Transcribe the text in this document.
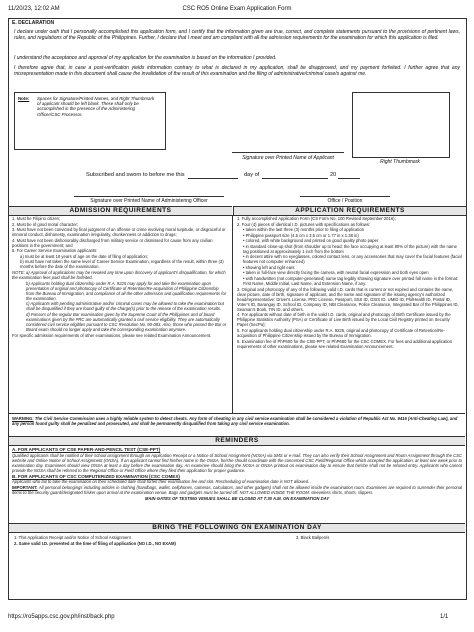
11/20/23, 12:02 AM	CSC RO5 Online Exam Application Form
E. DECLARATION
I declare under oath that I personally accomplished this application form, and I certify that the information given are true, correct, and complete statements pursuant to the provisions of pertinent laws, rules, and regulations of the Republic of the Philippines. Further, I declare that I meet and am compliant with all the admission requirements for the examination for which this application is filed.
I understand the acceptance and approval of my application for the examination is based on the information I provided.
I therefore agree that, in case a post-verification yields information contrary to what is declared in my application, shall be disapproved, and my payment forfeited. I further agree that any misrepresentation made in this document shall cause the invalidation of the result of this examination and the filing of administrative/criminal case/s against me.
Note: Spaces for Signature/Printed Names, and Right Thumbmark of applicant should be left blank. These shall only be accomplished in the presence of the Administering Officer/CSC Processor.
Signature over Printed Name of Applicant
Right Thumbmark
Subscribed and sworn to before me this	day of	20
Signature over Printed Name of Administering Officer	Office / Position
ADMISSION REQUIREMENTS	APPLICATION REQUIREMENTS

1. Must be Filipino citizen;

2. Must be of good moral character;

3. Must have not been convicted by final judgment of an offense or crime involving moral turpitude, or disgraceful or immoral conduct, dishonesty, examination irregularity, drunkenness or addiction to drugs;

4. Must have not been dishonorably discharged from military service or dismissed for cause from any civilian positions in the government; and

5. For Career Service Examination applicants:

a) must be at least 18 years of age on the date of filing of application;

b) must have not taken the same level of Career Service Examination, regardless of the result, within three (3) months before the date of the examination.

NOTE: a) Approval of applications may be revoked any time upon discovery of applicant's disqualification, for which the examination fees paid shall be forfeited.

b) Applicants holding dual citizenship under R.A. 9225 may apply for and take the examination upon presentation of original and photocopy of Certificate of Retention/Re-acquisition of Philippine Citizenship from the Bureau of Immigration, and compliance of all the other admission and qualification requirements for the examination.

c) Applicants with pending administrative and/or criminal cases may be allowed to take the examination but shall be disqualified if they are found guilty of the charge(s) prior to the release of the examination results.

d) Passers of the regular Bar examination given by the Supreme Court of the Philippines and of board examinations given by the PRC are automatically granted a civil service eligibility. They are automatically considered civil service eligibles pursuant to CSC Resolution No. 90-083. Also, those who passed the Bar or Board exam should no longer apply and take the corresponding examination anymore.

For specific admission requirements of other examinations, please see related Examination Announcement.

1. Fully accomplished Application Form (CS Form No. 100 Revised September 2016);

2. Four (4) pieces of identical I.D. pictures with specifications as follows:

• taken within the last three (3) months prior to filing of application

• Philippine passport size (4.5 cm x 3.5 cm or 1.77 in x 1.38 in)

• colored, with white background and printed on good quality photo paper

• in standard close-up shot (from shoulder up to head; the face occupying at least 80% of the picture) with the name tag positioned at approximately 1 inch from the bottom

• in decent attire with no eyeglasses, colored contact lens, or any accessories that may cover the facial features (facial features not computer enhanced)

• showing left and right ears

• taken in full-face view directly facing the camera, with neutral facial expression and both eyes open

• with handwritten (not computer-generated) name tag legibly showing signature over printed full name in the format: First Name, Middle Initial, Last Name, and Extension Name, if any.

3. Original and photocopy of any of the following valid I.D. cards that is current or not expired and contains the name, clear picture, date of birth, signature of applicant, and the name and signature of the issuing agency's authorized head/representative: Driver's License, PRC License, Passport, SSS ID, GSIS ID, UMID ID, PhilHealth ID, Postal ID, Voter's ID, Barangay ID, School ID, Company ID, NBI Clearance, Police Clearance, Integrated Bar of the Philippines ID, Seaman's Book, TIN ID, and others.

4. For applicants without date of birth in the valid I.D. cards, original and photocopy of Birth Certificate issued by the Philippine Statistics Authority (PSA) or Certificate of Live Birth issued by the Local Civil Registry printed on Security Paper (SecPa);

5. For applicants holding dual citizenship under R.A. 9225, original and photocopy of Certificate of Retention/Re-acquisition of Philippine Citizenship issued by the Bureau of Immigration.

6. Examination fee of PhP500 for the CSE-PPT, or PhP680 for the CSC COMEX. For fees and additional application requirements of other examinations, please see related Examination Announcement.

WARNING: The Civil Service Commission uses a highly reliable system to detect cheats. Any form of cheating in any civil service examination shall be considered a violation of Republic Act No. 9416 (Anti-Cheating Law), and any person found guilty shall be penalized and prosecuted, and shall be permanently disqualified from taking any civil service examination.
REMINDERS

A. FOR APPLICANTS OF CSE PAPER-AND-PENCIL TEST (CSE-PPT)

Qualified applicants shall be notified of their school assignment through an Application Receipt or a Notice of School Assignment (NOSA) via SMS or e-mail. They can also verify their School Assignment and Room Assignment through the CSC website and Online Notice of School Assignment (ONSA). If an applicant cannot find his/her name in the ONSA, he/she should coordinate with the concerned CSC Field/Regional Office which accepted the application, at least one week prior to examination day. Examinees should view ONSA at least a day before the examination day. An examinee should bring the NOSA or ONSA printout on examination day to ensure that he/she shall not be refused entry. Applicants who cannot provide the NOSA shall be referred to the Regional Office or Field Office where they filed their application for proper guidance.

B. FOR APPLICANTS OF CSC COMPUTERIZED EXAMINATION (CSC COMEX)

Applicants who fail to take the examination on their scheduled date shall forfeit their examination fee and slot. Rescheduling of examination date is NOT allowed.

IMPORTANT: All personal belongings including articles in clothing (handbags, wallet, cellphones, cameras, calculators, and other gadgets) shall not be allowed inside the examination room. Examinees are required to surrender their personal items to the security guard/designated frisker upon arrival at the examination venue. Bags and gadgets must be turned off. NOT ALLOWED INSIDE THE ROOM: sleeveless shirts, shorts, slippers.

MAIN GATES OF TESTING VENUES SHALL BE CLOSED AT 7:30 A.M. ON EXAMINATION DAY

BRING THE FOLLOWING ON EXAMINATION DAY

1. This Application Receipt and/or Notice of School Assignment

2. Same valid I.D. presented at the time of filing of application (NO I.D., NO EXAM)

3. Black Ballpen/s

https://ro5apps.csc.gov.ph/inst/back.php	1/1
